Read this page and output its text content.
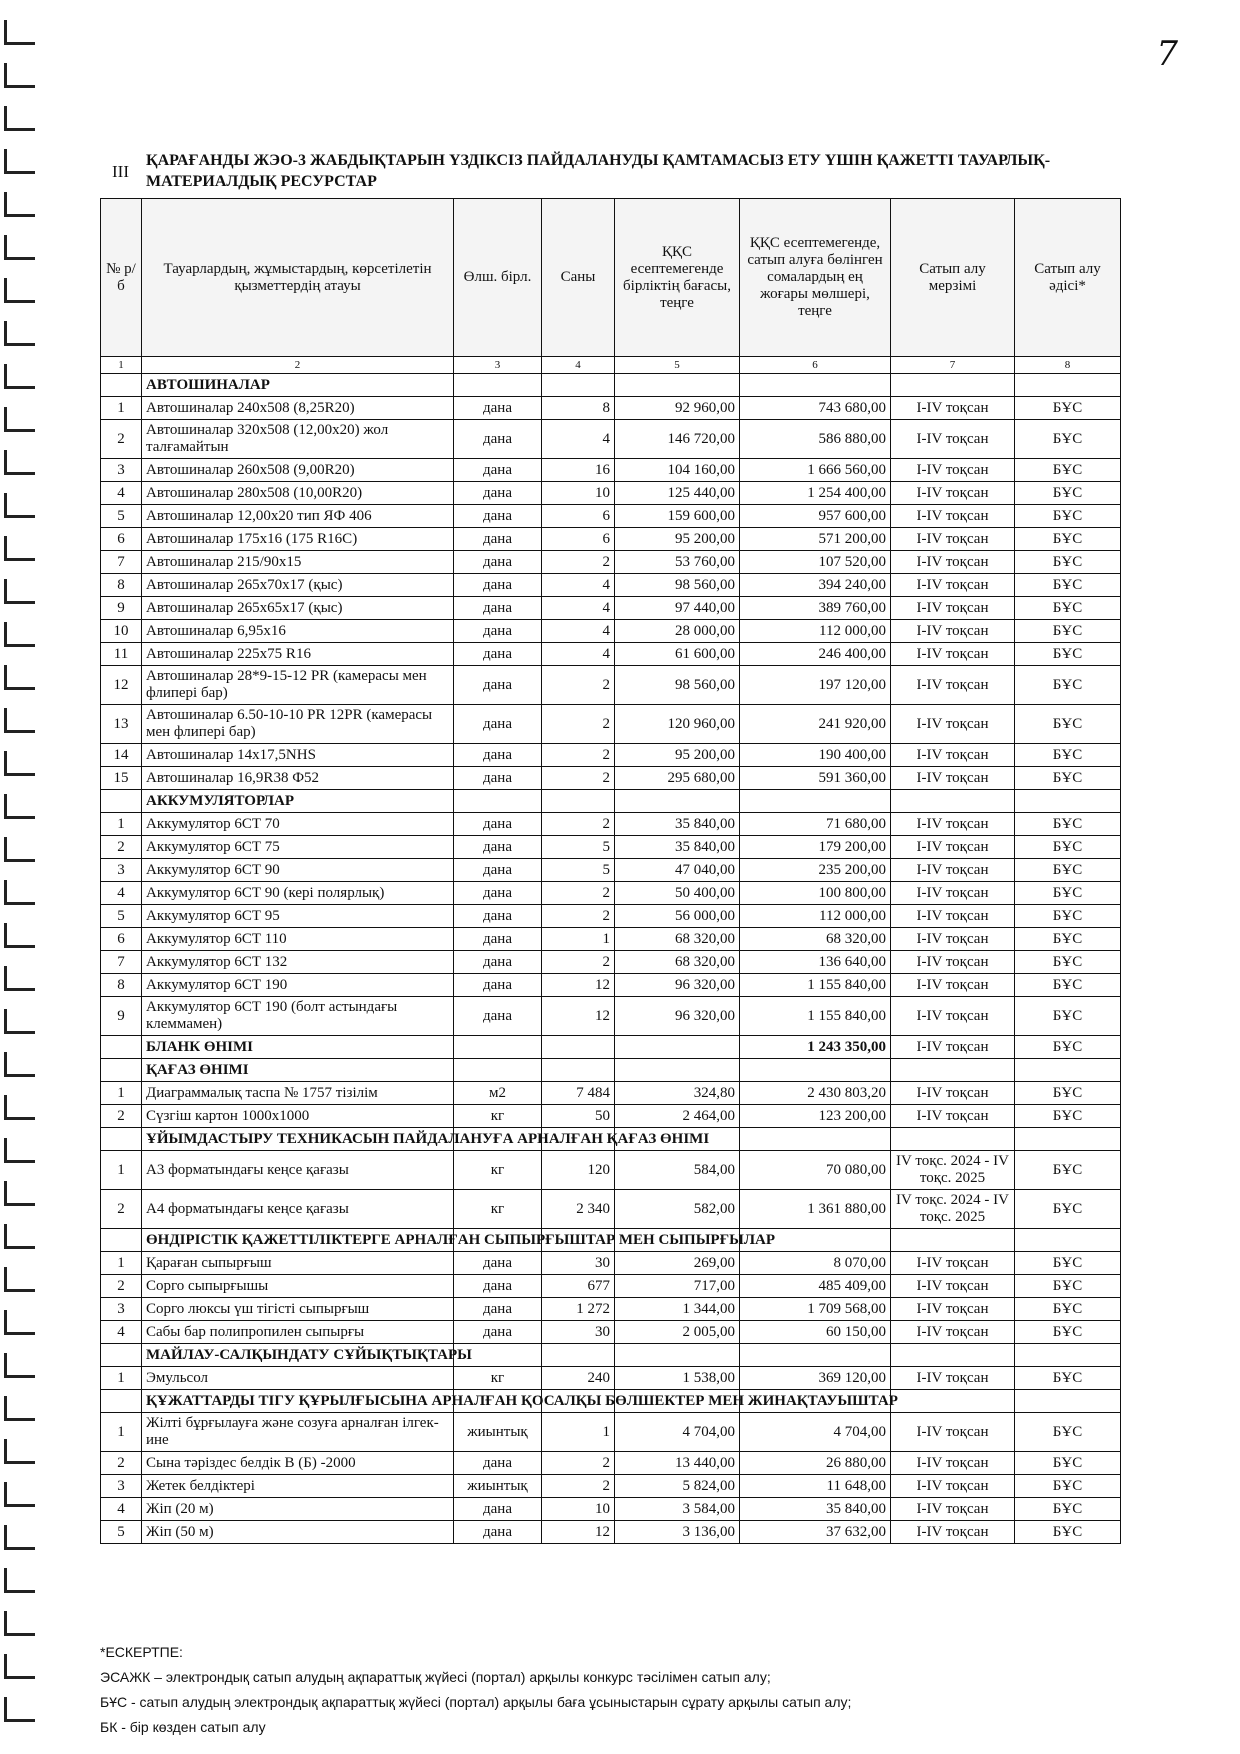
7
III
ҚАРАҒАНДЫ ЖЭО-3 ЖАБДЫҚТАРЫН ҮЗДІКСІЗ ПАЙДАЛАНУДЫ ҚАМТАМАСЫЗ ЕТУ ҮШІН ҚАЖЕТТІ ТАУАРЛЫҚ-МАТЕРИАЛДЫҚ РЕСУРСТАР
№ р/б	Тауарлардың, жұмыстардың, көрсетілетін қызметтердің атауы	Өлш. бірл.	Саны	ҚҚС есептемегенде бірліктің бағасы, теңге	ҚҚС есептемегенде, сатып алуға бөлінген сомалардың ең жоғары мөлшері, теңге	Сатып алу мерзімі	Сатып алу әдісі*
1	2	3	4	5	6	7	8
	АВТОШИНАЛАР						
1	Автошиналар 240х508 (8,25R20)	дана	8	92 960,00	743 680,00	I-IV тоқсан	БҰС
2	Автошиналар 320х508 (12,00х20) жол талғамайтын	дана	4	146 720,00	586 880,00	I-IV тоқсан	БҰС
3	Автошиналар 260х508 (9,00R20)	дана	16	104 160,00	1 666 560,00	I-IV тоқсан	БҰС
4	Автошиналар 280х508 (10,00R20)	дана	10	125 440,00	1 254 400,00	I-IV тоқсан	БҰС
5	Автошиналар 12,00х20 тип ЯФ 406	дана	6	159 600,00	957 600,00	I-IV тоқсан	БҰС
6	Автошиналар 175х16 (175 R16C)	дана	6	95 200,00	571 200,00	I-IV тоқсан	БҰС
7	Автошиналар 215/90х15	дана	2	53 760,00	107 520,00	I-IV тоқсан	БҰС
8	Автошиналар 265х70х17 (қыс)	дана	4	98 560,00	394 240,00	I-IV тоқсан	БҰС
9	Автошиналар 265х65х17 (қыс)	дана	4	97 440,00	389 760,00	I-IV тоқсан	БҰС
10	Автошиналар 6,95х16	дана	4	28 000,00	112 000,00	I-IV тоқсан	БҰС
11	Автошиналар 225х75 R16	дана	4	61 600,00	246 400,00	I-IV тоқсан	БҰС
12	Автошиналар 28*9-15-12 PR (камерасы мен флипері бар)	дана	2	98 560,00	197 120,00	I-IV тоқсан	БҰС
13	Автошиналар 6.50-10-10 PR 12PR (камерасы мен флипері бар)	дана	2	120 960,00	241 920,00	I-IV тоқсан	БҰС
14	Автошиналар 14х17,5NHS	дана	2	95 200,00	190 400,00	I-IV тоқсан	БҰС
15	Автошиналар 16,9R38 Ф52	дана	2	295 680,00	591 360,00	I-IV тоқсан	БҰС
	АККУМУЛЯТОРЛАР						
1	Аккумулятор 6СТ 70	дана	2	35 840,00	71 680,00	I-IV тоқсан	БҰС
2	Аккумулятор 6СТ 75	дана	5	35 840,00	179 200,00	I-IV тоқсан	БҰС
3	Аккумулятор 6СТ 90	дана	5	47 040,00	235 200,00	I-IV тоқсан	БҰС
4	Аккумулятор 6СТ 90 (кері полярлық)	дана	2	50 400,00	100 800,00	I-IV тоқсан	БҰС
5	Аккумулятор 6СТ 95	дана	2	56 000,00	112 000,00	I-IV тоқсан	БҰС
6	Аккумулятор 6СТ 110	дана	1	68 320,00	68 320,00	I-IV тоқсан	БҰС
7	Аккумулятор 6СТ 132	дана	2	68 320,00	136 640,00	I-IV тоқсан	БҰС
8	Аккумулятор 6СТ 190	дана	12	96 320,00	1 155 840,00	I-IV тоқсан	БҰС
9	Аккумулятор 6СТ 190 (болт астындағы клеммамен)	дана	12	96 320,00	1 155 840,00	I-IV тоқсан	БҰС
	БЛАНК ӨНІМІ				1 243 350,00	I-IV тоқсан	БҰС
	ҚАҒАЗ ӨНІМІ						
1	Диаграммалық таспа № 1757 тізілім	м2	7 484	324,80	2 430 803,20	I-IV тоқсан	БҰС
2	Сүзгіш картон 1000х1000	кг	50	2 464,00	123 200,00	I-IV тоқсан	БҰС
	ҰЙЫМДАСТЫРУ ТЕХНИКАСЫН ПАЙДАЛАНУҒА АРНАЛҒАН ҚАҒАЗ ӨНІМІ						
1	А3 форматындағы кеңсе қағазы	кг	120	584,00	70 080,00	IV тоқс. 2024 - IV тоқс. 2025	БҰС
2	А4 форматындағы кеңсе қағазы	кг	2 340	582,00	1 361 880,00	IV тоқс. 2024 - IV тоқс. 2025	БҰС
	ӨНДІРІСТІК ҚАЖЕТТІЛІКТЕРГЕ АРНАЛҒАН СЫПЫРҒЫШТАР МЕН СЫПЫРҒЫЛАР						
1	Қараған сыпырғыш	дана	30	269,00	8 070,00	I-IV тоқсан	БҰС
2	Сорго сыпырғышы	дана	677	717,00	485 409,00	I-IV тоқсан	БҰС
3	Сорго люксы үш тігісті сыпырғыш	дана	1 272	1 344,00	1 709 568,00	I-IV тоқсан	БҰС
4	Сабы бар полипропилен сыпырғы	дана	30	2 005,00	60 150,00	I-IV тоқсан	БҰС
	МАЙЛАУ-САЛҚЫНДАТУ СҰЙЫҚТЫҚТАРЫ						
1	Эмульсол	кг	240	1 538,00	369 120,00	I-IV тоқсан	БҰС
	ҚҰЖАТТАРДЫ ТІГУ ҚҰРЫЛҒЫСЫНА АРНАЛҒАН ҚОСАЛҚЫ БӨЛШЕКТЕР МЕН ЖИНАҚТАУЫШТАР						
1	Жілті бұрғылауға және созуға арналған ілгек-ине	жиынтық	1	4 704,00	4 704,00	I-IV тоқсан	БҰС
2	Сына тәріздес белдік В (Б) -2000	дана	2	13 440,00	26 880,00	I-IV тоқсан	БҰС
3	Жетек белдіктері	жиынтық	2	5 824,00	11 648,00	I-IV тоқсан	БҰС
4	Жіп (20 м)	дана	10	3 584,00	35 840,00	I-IV тоқсан	БҰС
5	Жіп (50 м)	дана	12	3 136,00	37 632,00	I-IV тоқсан	БҰС
*ЕСКЕРТПЕ:
ЭСАЖК – электрондық сатып алудың ақпараттық жүйесі (портал) арқылы конкурс тәсілімен сатып алу;
БҰС - сатып алудың электрондық ақпараттық жүйесі (портал) арқылы баға ұсыныстарын сұрату арқылы сатып алу;
БК - бір көзден сатып алу
